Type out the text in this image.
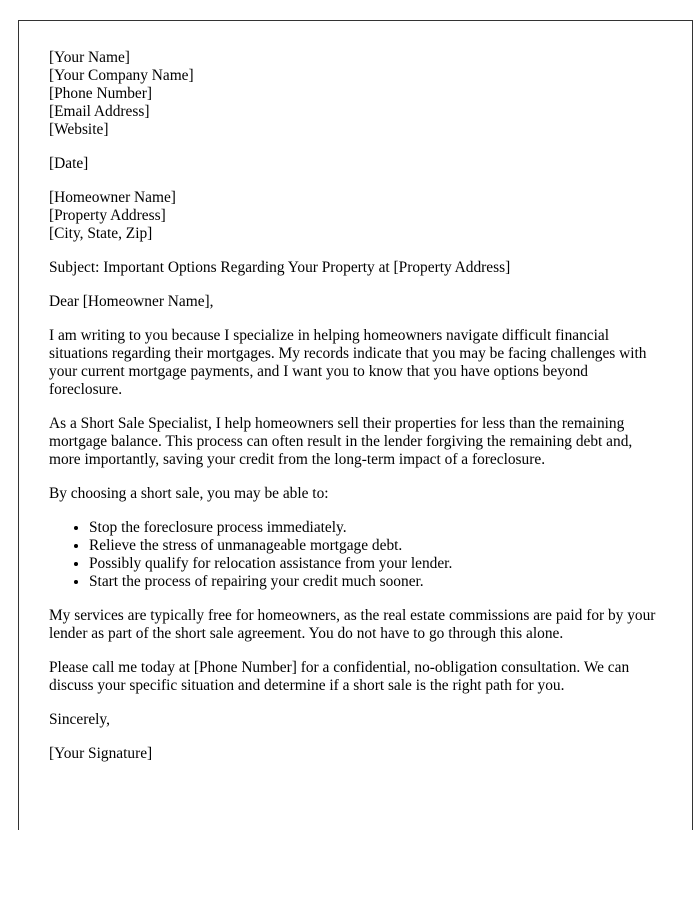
[Your Name]
[Your Company Name]
[Phone Number]
[Email Address]
[Website]

[Date]

[Homeowner Name]
[Property Address]
[City, State, Zip]

Subject: Important Options Regarding Your Property at [Property Address]

Dear [Homeowner Name],

I am writing to you because I specialize in helping homeowners navigate difficult financial situations regarding their mortgages. My records indicate that you may be facing challenges with your current mortgage payments, and I want you to know that you have options beyond foreclosure.

As a Short Sale Specialist, I help homeowners sell their properties for less than the remaining mortgage balance. This process can often result in the lender forgiving the remaining debt and, more importantly, saving your credit from the long-term impact of a foreclosure.

By choosing a short sale, you may be able to:

• Stop the foreclosure process immediately.
• Relieve the stress of unmanageable mortgage debt.
• Possibly qualify for relocation assistance from your lender.
• Start the process of repairing your credit much sooner.

My services are typically free for homeowners, as the real estate commissions are paid for by your lender as part of the short sale agreement. You do not have to go through this alone.

Please call me today at [Phone Number] for a confidential, no-obligation consultation. We can discuss your specific situation and determine if a short sale is the right path for you.

Sincerely,

[Your Signature]
